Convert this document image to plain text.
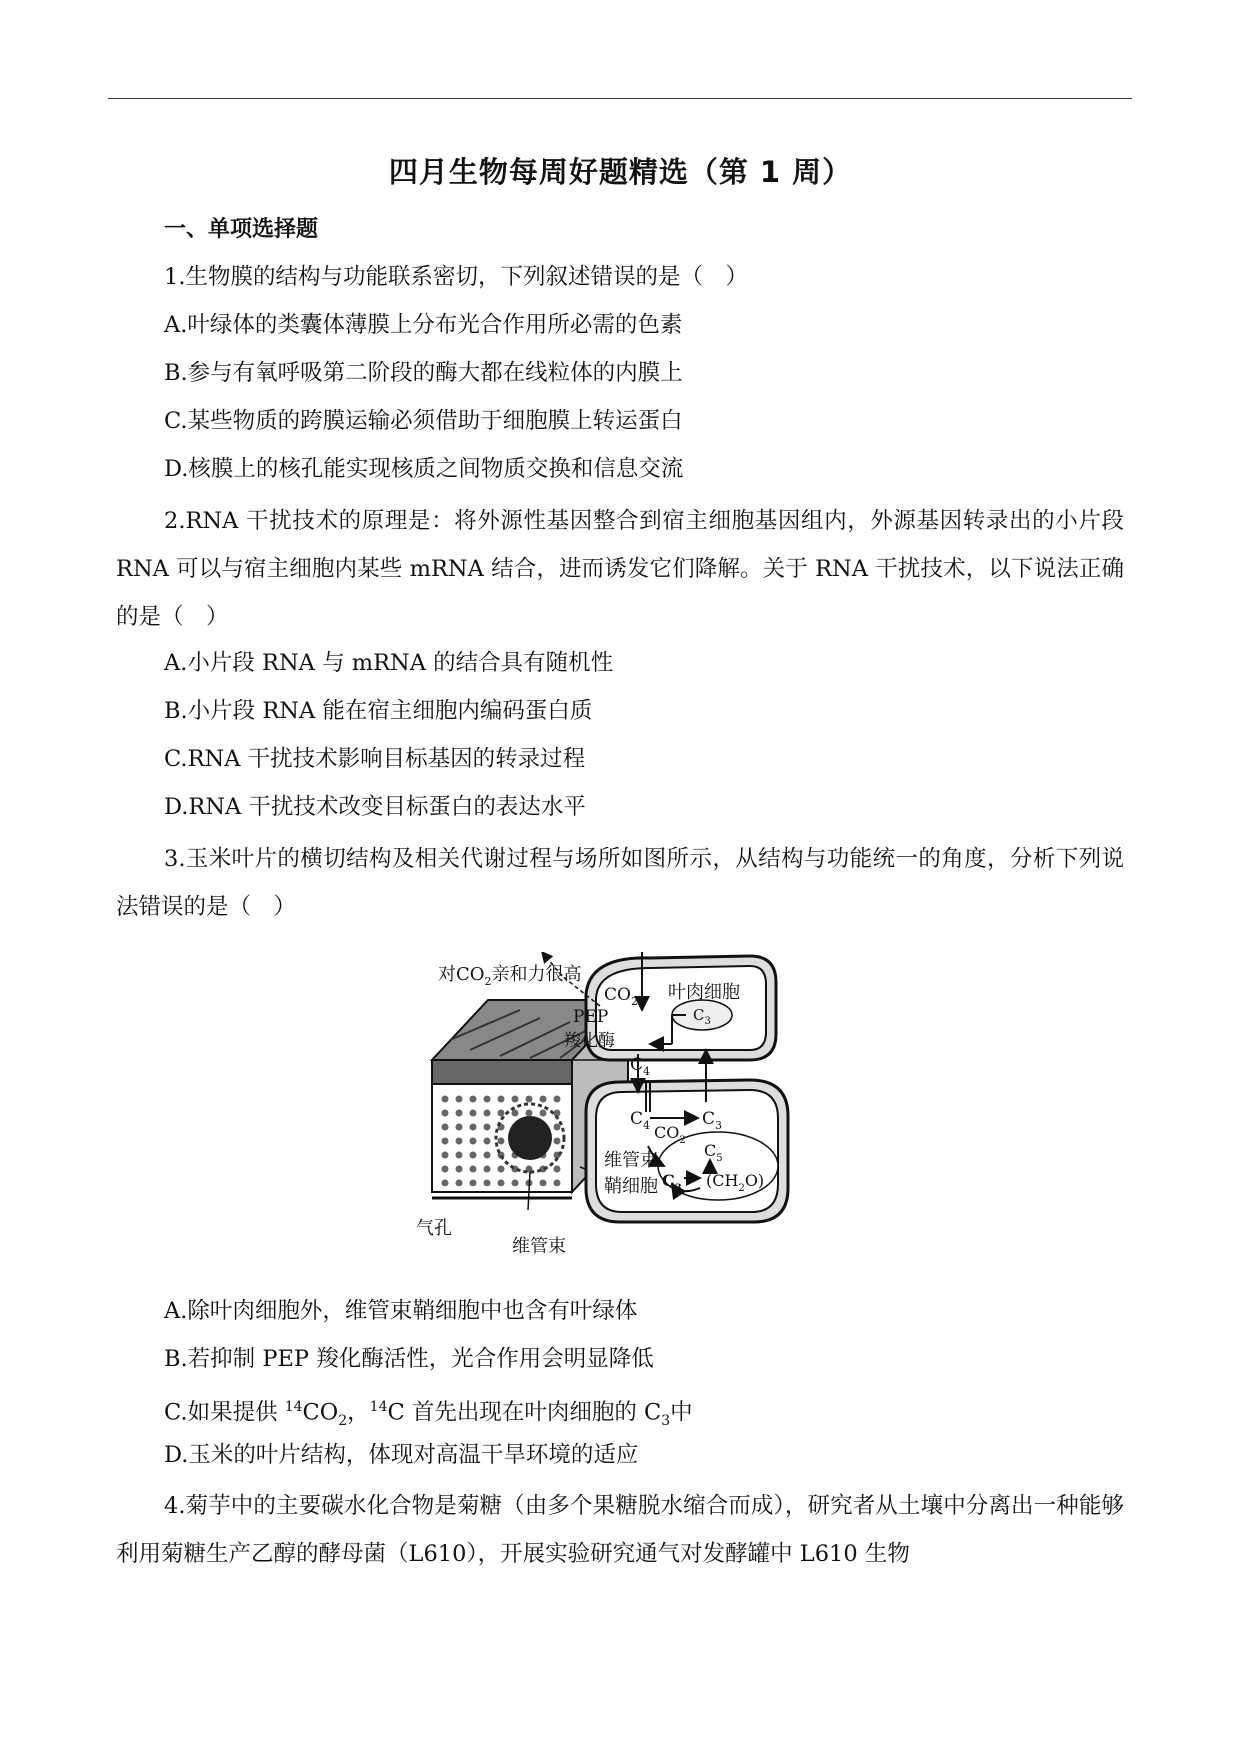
四月生物每周好题精选（第 1 周）
一、单项选择题
1.生物膜的结构与功能联系密切，下列叙述错误的是（　）
A.叶绿体的类囊体薄膜上分布光合作用所必需的色素
B.参与有氧呼吸第二阶段的酶大都在线粒体的内膜上
C.某些物质的跨膜运输必须借助于细胞膜上转运蛋白
D.核膜上的核孔能实现核质之间物质交换和信息交流
2.RNA 干扰技术的原理是：将外源性基因整合到宿主细胞基因组内，外源基因转录出的小片段 RNA 可以与宿主细胞内某些 mRNA 结合，进而诱发它们降解。关于 RNA 干扰技术，以下说法正确的是（　）
A.小片段 RNA 与 mRNA 的结合具有随机性
B.小片段 RNA 能在宿主细胞内编码蛋白质
C.RNA 干扰技术影响目标基因的转录过程
D.RNA 干扰技术改变目标蛋白的表达水平
3.玉米叶片的横切结构及相关代谢过程与场所如图所示，从结构与功能统一的角度，分析下列说法错误的是（　）
对$CO_2$亲和力很高
$CO_2$ 叶肉细胞
PEP
羧化酶
$C_3$
$C_4$
$C_4$ $CO_2$
$C_3$
$C_5$
$C_3$ $(CH_2O)$
维管束
鞘细胞
气孔
维管束
A.除叶肉细胞外，维管束鞘细胞中也含有叶绿体
B.若抑制 PEP 羧化酶活性，光合作用会明显降低
C.如果提供 $^{14}CO_2$，$^{14}$C 首先出现在叶肉细胞的 $C_3$中
D.玉米的叶片结构，体现对高温干旱环境的适应
4.菊芋中的主要碳水化合物是菊糖（由多个果糖脱水缩合而成），研究者从土壤中分离出一种能够利用菊糖生产乙醇的酵母菌（L610），开展实验研究通气对发酵罐中 L610 生物
